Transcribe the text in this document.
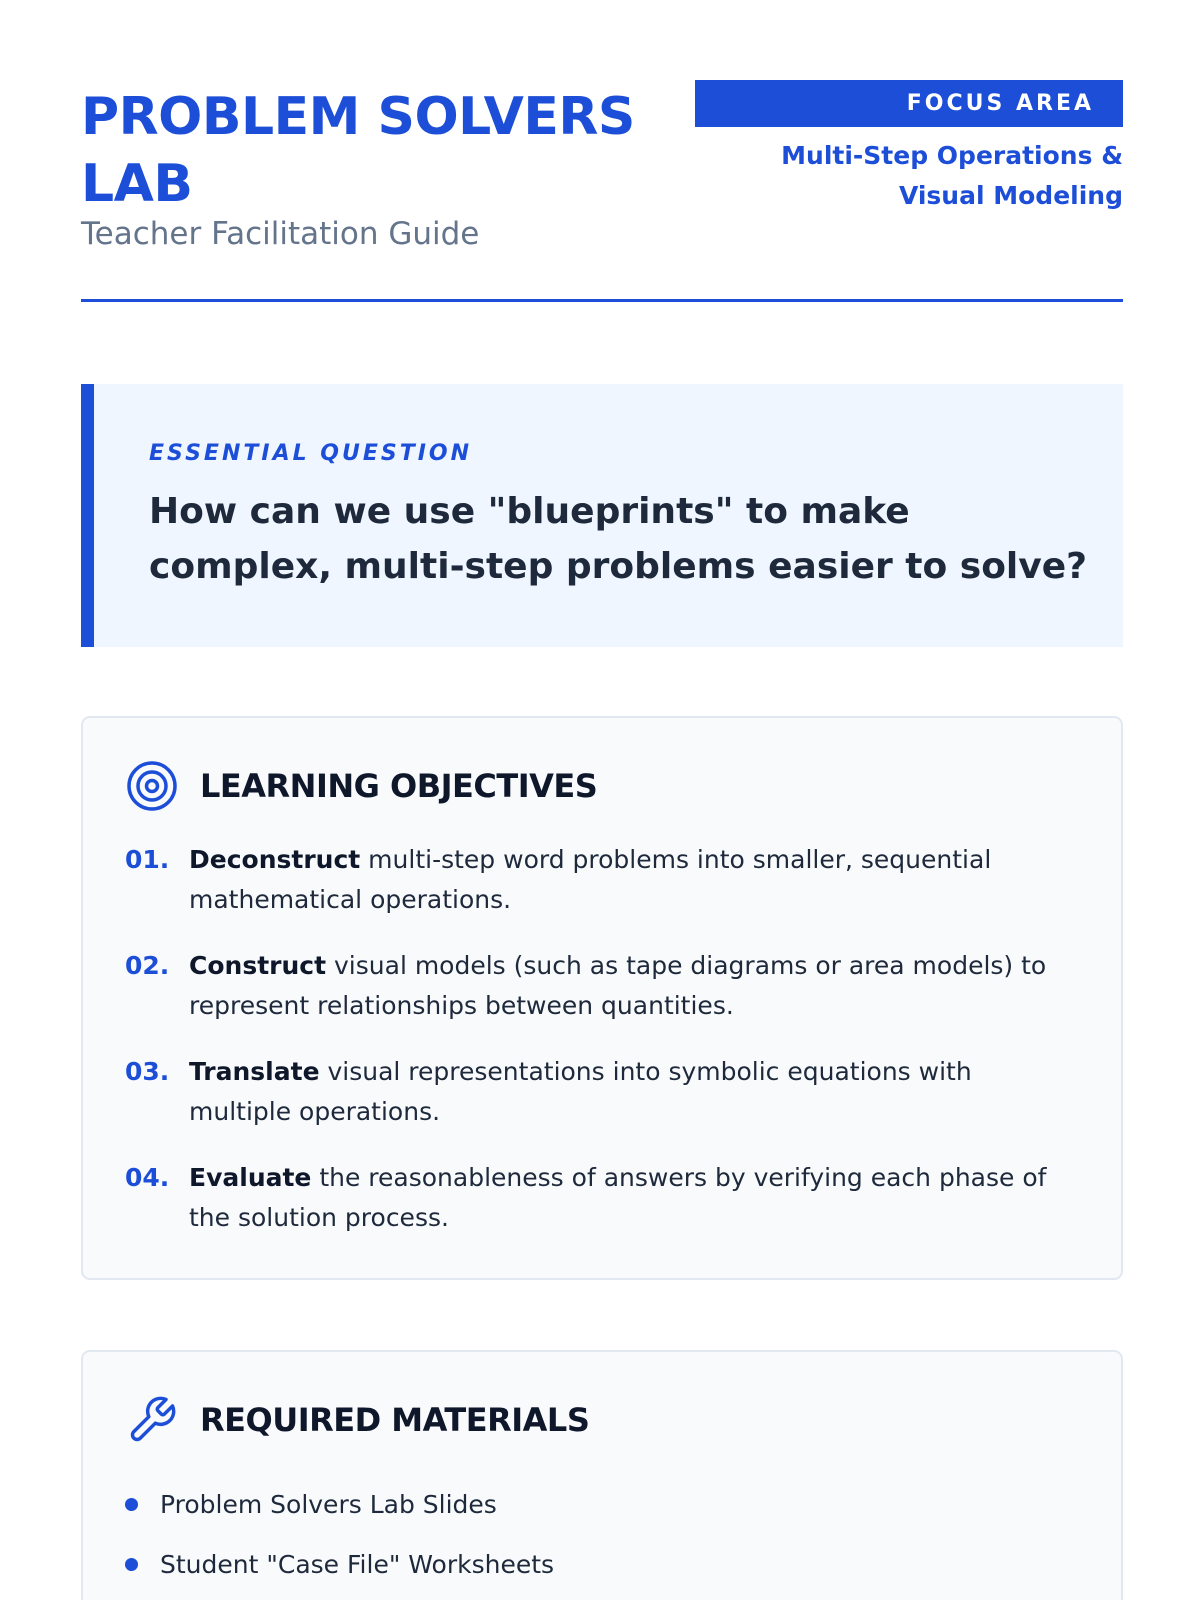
PROBLEM SOLVERS LAB
Teacher Facilitation Guide
FOCUS AREA
Multi-Step Operations & Visual Modeling
ESSENTIAL QUESTION
How can we use "blueprints" to make complex, multi-step problems easier to solve?
LEARNING OBJECTIVES
01. Deconstruct multi-step word problems into smaller, sequential mathematical operations.
02. Construct visual models (such as tape diagrams or area models) to represent relationships between quantities.
03. Translate visual representations into symbolic equations with multiple operations.
04. Evaluate the reasonableness of answers by verifying each phase of the solution process.
REQUIRED MATERIALS
Problem Solvers Lab Slides
Student "Case File" Worksheets
